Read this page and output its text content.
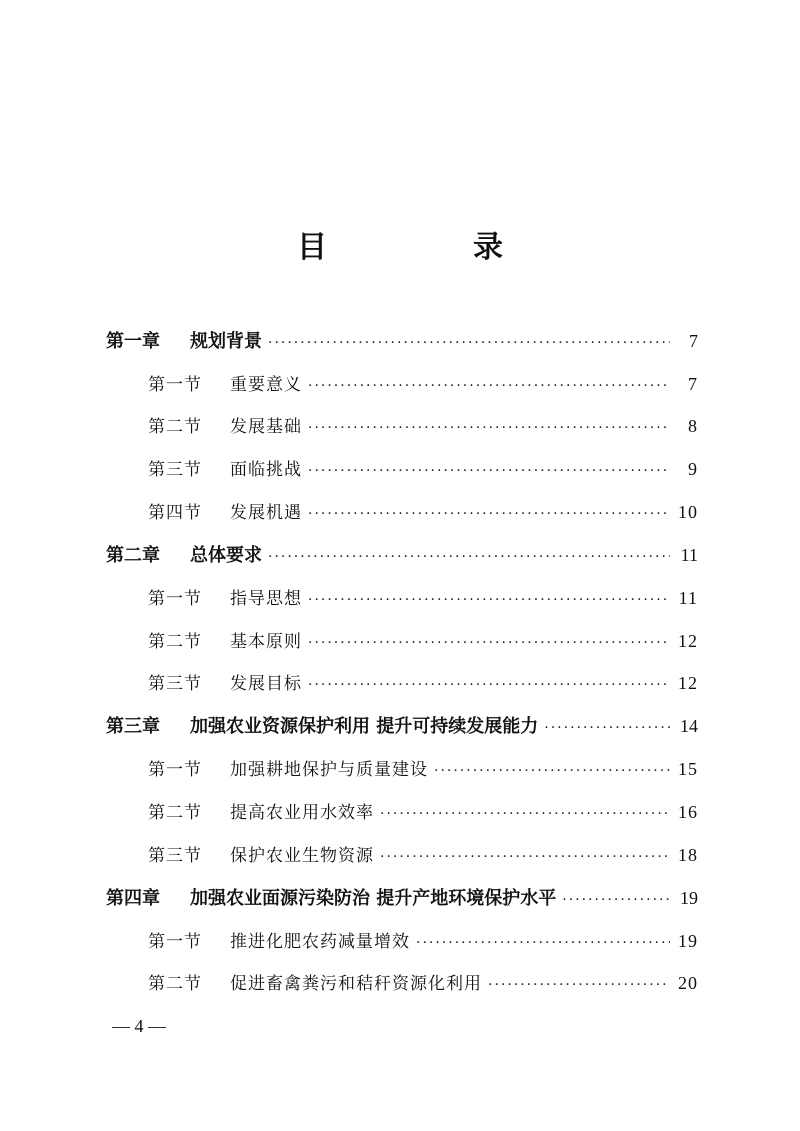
目　录
第一章	规划背景 ·····	7
第一节	重要意义 ·····	7
第二节	发展基础 ·····	8
第三节	面临挑战 ·····	9
第四节	发展机遇 ·····	10
第二章	总体要求 ·····	11
第一节	指导思想 ·····	11
第二节	基本原则 ·····	12
第三节	发展目标 ·····	12
第三章	加强农业资源保护利用 提升可持续发展能力 ·····	14
第一节	加强耕地保护与质量建设 ·····	15
第二节	提高农业用水效率 ·····	16
第三节	保护农业生物资源 ·····	18
第四章	加强农业面源污染防治 提升产地环境保护水平 ·····	19
第一节	推进化肥农药减量增效 ·····	19
第二节	促进畜禽粪污和秸秆资源化利用 ·····	20
— 4 —
